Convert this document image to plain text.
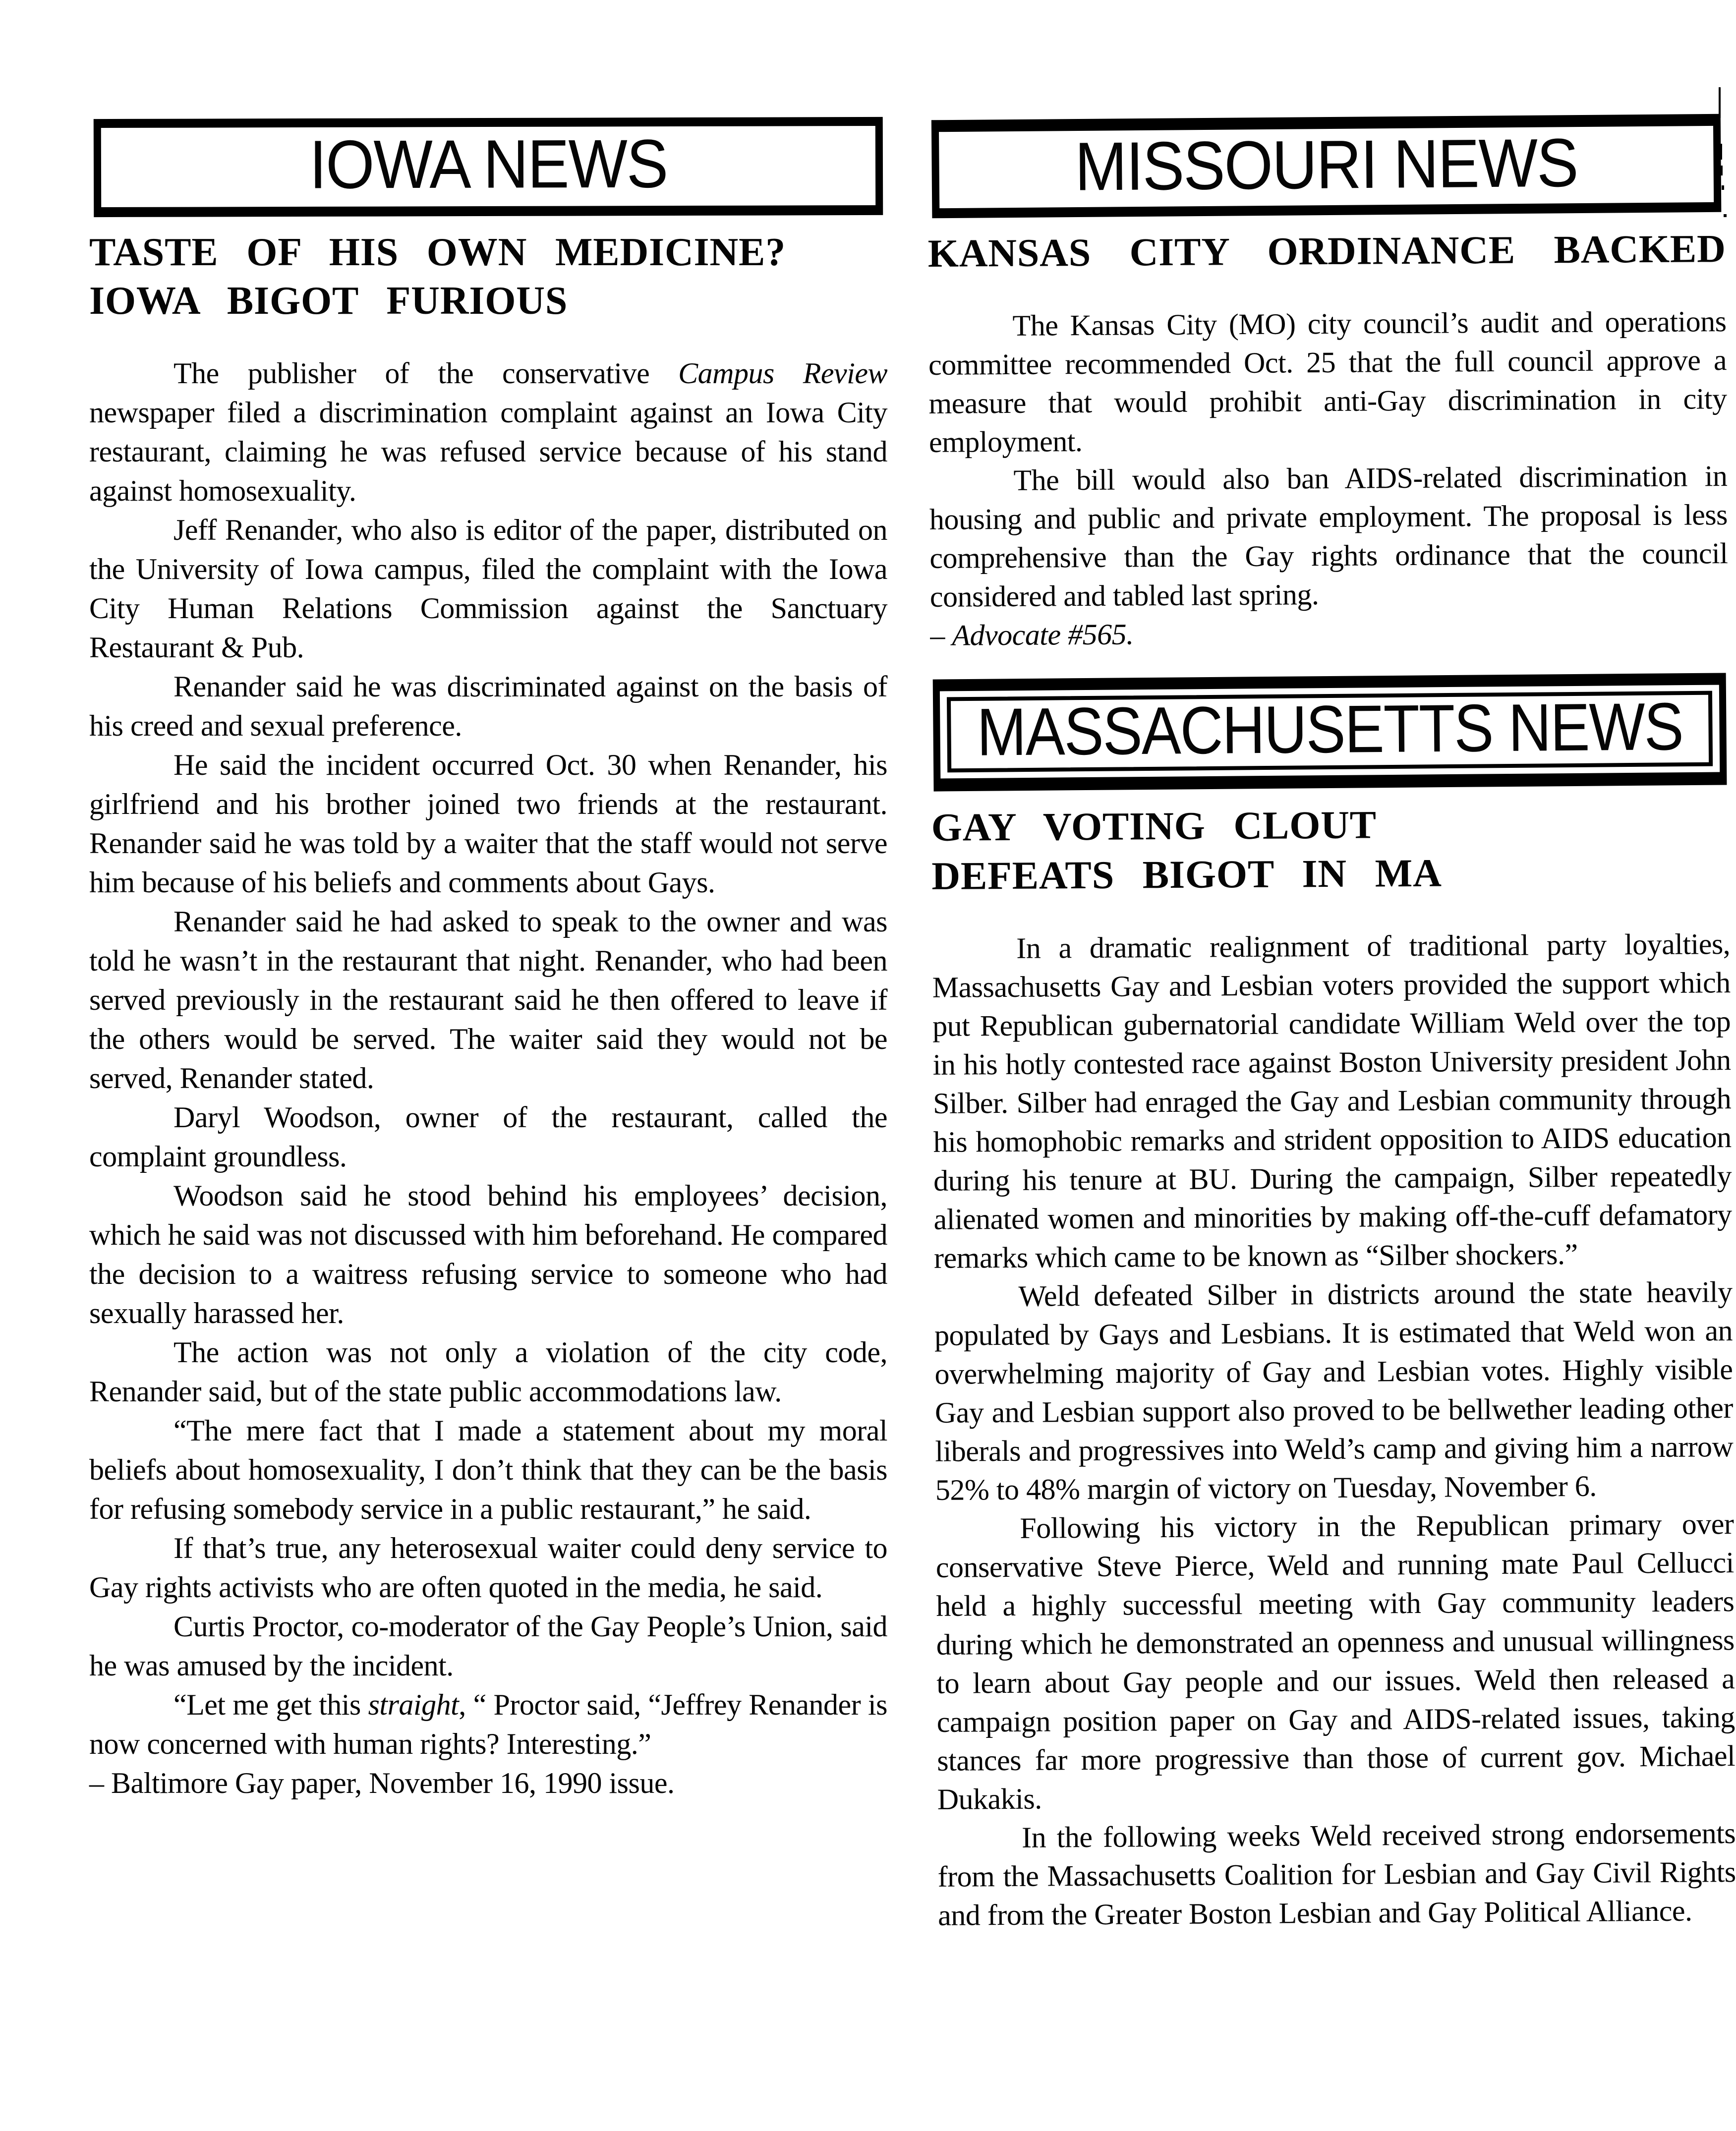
IOWA NEWS
TASTE OF HIS OWN MEDICINE?
IOWA BIGOT FURIOUS

The publisher of the conservative Campus Review newspaper filed a discrimination complaint against an Iowa City restaurant, claiming he was refused service because of his stand against homosexuality.

Jeff Renander, who also is editor of the paper, distributed on the University of Iowa campus, filed the complaint with the Iowa City Human Relations Commission against the Sanctuary Restaurant & Pub.

Renander said he was discriminated against on the basis of his creed and sexual preference.

He said the incident occurred Oct. 30 when Renander, his girlfriend and his brother joined two friends at the restaurant. Renander said he was told by a waiter that the staff would not serve him because of his beliefs and comments about Gays.

Renander said he had asked to speak to the owner and was told he wasn’t in the restaurant that night. Renander, who had been served previously in the restaurant said he then offered to leave if the others would be served. The waiter said they would not be served, Renander stated.

Daryl Woodson, owner of the restaurant, called the complaint groundless.

Woodson said he stood behind his employees’ decision, which he said was not discussed with him beforehand. He compared the decision to a waitress refusing service to someone who had sexually harassed her.

The action was not only a violation of the city code, Renander said, but of the state public accommodations law.

“The mere fact that I made a statement about my moral beliefs about homosexuality, I don’t think that they can be the basis for refusing somebody service in a public restaurant,” he said.

If that’s true, any heterosexual waiter could deny service to Gay rights activists who are often quoted in the media, he said.

Curtis Proctor, co-moderator of the Gay People’s Union, said he was amused by the incident.

“Let me get this straight, “ Proctor said, “Jeffrey Renander is now concerned with human rights? Interesting.”

– Baltimore Gay paper, November 16, 1990 issue.

MISSOURI NEWS
KANSAS CITY ORDINANCE BACKED

The Kansas City (MO) city council’s audit and operations committee recommended Oct. 25 that the full council approve a measure that would prohibit anti-Gay discrimination in city employment.

The bill would also ban AIDS-related discrimination in housing and public and private employment. The proposal is less comprehensive than the Gay rights ordinance that the council considered and tabled last spring.

– Advocate #565.

MASSACHUSETTS NEWS
GAY VOTING CLOUT
DEFEATS BIGOT IN MA

In a dramatic realignment of traditional party loyalties, Massachusetts Gay and Lesbian voters provided the support which put Republican gubernatorial candidate William Weld over the top in his hotly contested race against Boston University president John Silber. Silber had enraged the Gay and Lesbian community through his homophobic remarks and strident opposition to AIDS education during his tenure at BU. During the campaign, Silber repeatedly alienated women and minorities by making off-the-cuff defamatory remarks which came to be known as “Silber shockers.”

Weld defeated Silber in districts around the state heavily populated by Gays and Lesbians. It is estimated that Weld won an overwhelming majority of Gay and Lesbian votes. Highly visible Gay and Lesbian support also proved to be bellwether leading other liberals and progressives into Weld’s camp and giving him a narrow 52% to 48% margin of victory on Tuesday, November 6.

Following his victory in the Republican primary over conservative Steve Pierce, Weld and running mate Paul Cellucci held a highly successful meeting with Gay community leaders during which he demonstrated an openness and unusual willingness to learn about Gay people and our issues. Weld then released a campaign position paper on Gay and AIDS-related issues, taking stances far more progressive than those of current gov. Michael Dukakis.

In the following weeks Weld received strong endorsements from the Massachusetts Coalition for Lesbian and Gay Civil Rights and from the Greater Boston Lesbian and Gay Political Alliance.
